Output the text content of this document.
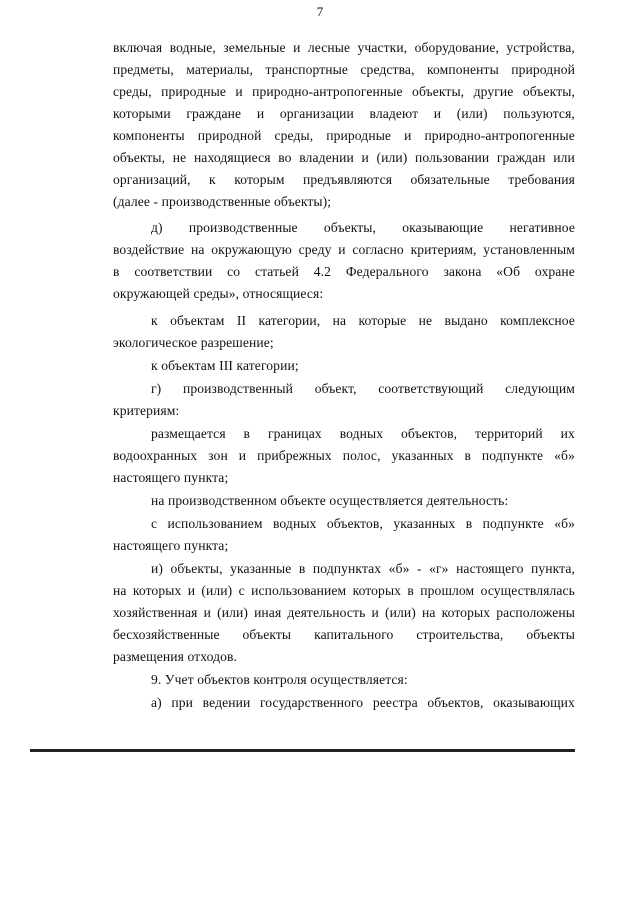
7
включая водные, земельные и лесные участки, оборудование, устройства,
предметы, материалы, транспортные средства, компоненты природной
среды, природные и природно-антропогенные объекты, другие объекты,
которыми граждане и организации владеют и (или) пользуются,
компоненты природной среды, природные и природно-антропогенные
объекты, не находящиеся во владении и (или) пользовании граждан или
организаций, к которым предъявляются обязательные требования
(далее - производственные объекты);
д) производственные объекты, оказывающие негативное
воздействие на окружающую среду и согласно критериям, установленным
в соответствии со статьей 4.2 Федерального закона «Об охране
окружающей среды», относящиеся:
к объектам II категории, на которые не выдано комплексное
экологическое разрешение;
к объектам III категории;
г) производственный объект, соответствующий следующим
критериям:
размещается в границах водных объектов, территорий их
водоохранных зон и прибрежных полос, указанных в подпункте «б»
настоящего пункта;
на производственном объекте осуществляется деятельность:
с использованием водных объектов, указанных в подпункте «б»
настоящего пункта;
и) объекты, указанные в подпунктах «б» - «г» настоящего пункта,
на которых и (или) с использованием которых в прошлом осуществлялась
хозяйственная и (или) иная деятельность и (или) на которых расположены
бесхозяйственные объекты капитального строительства, объекты
размещения отходов.
9. Учет объектов контроля осуществляется:
а) при ведении государственного реестра объектов, оказывающих
